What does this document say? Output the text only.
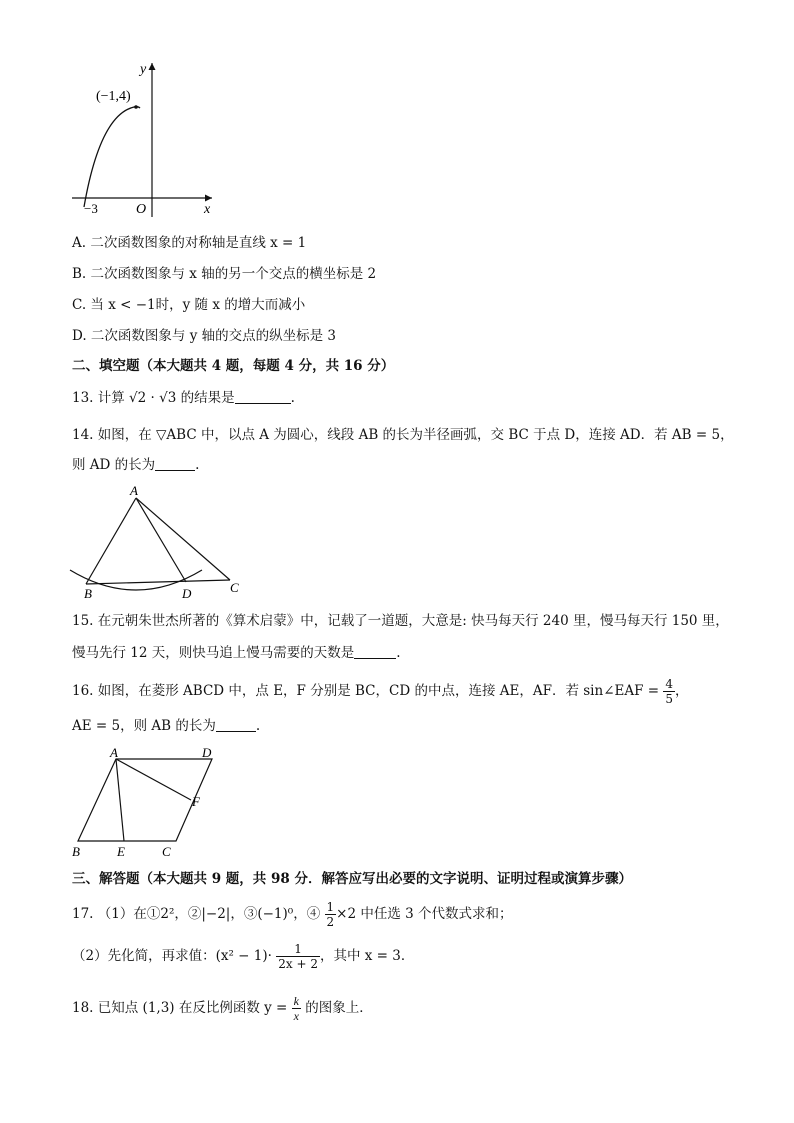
y
x
O
(−1,4)
−3
A. 二次函数图象的对称轴是直线 x = 1
B. 二次函数图象与 x 轴的另一个交点的横坐标是 2
C. 当 x < −1时，y 随 x 的增大而减小
D. 二次函数图象与 y 轴的交点的纵坐标是 3
二、填空题（本大题共 4 题，每题 4 分，共 16 分）
13. 计算 √2 · √3 的结果是	.
14. 如图，在 ▽ABC 中，以点 A 为圆心，线段 AB 的长为半径画弧，交 BC 于点 D，连接 AD．若 AB = 5，
则 AD 的长为	.
A
B	D	C
15. 在元朝朱世杰所著的《算术启蒙》中，记载了一道题，大意是: 快马每天行 240 里，慢马每天行 150 里，
慢马先行 12 天，则快马追上慢马需要的天数是	.
16. 如图，在菱形 ABCD 中，点 E，F 分别是 BC，CD 的中点，连接 AE，AF．若 sin∠EAF = $\frac{4}{5}$ ，
AE = 5，则 AB 的长为	.
A	D
F
B	E	C
三、解答题（本大题共 9 题，共 98 分．解答应写出必要的文字说明、证明过程或演算步骤）
17. （1）在①2²，②|−2|，③(−1)⁰，④ $\frac{1}{2} \times 2$ 中任选 3 个代数式求和；
（2）先化简，再求值：$(x^2 - 1)\cdot \frac{1}{2x + 2}$ ，其中 x = 3．
18. 已知点 (1,3) 在反比例函数 $y = \frac{k}{x}$ 的图象上．
